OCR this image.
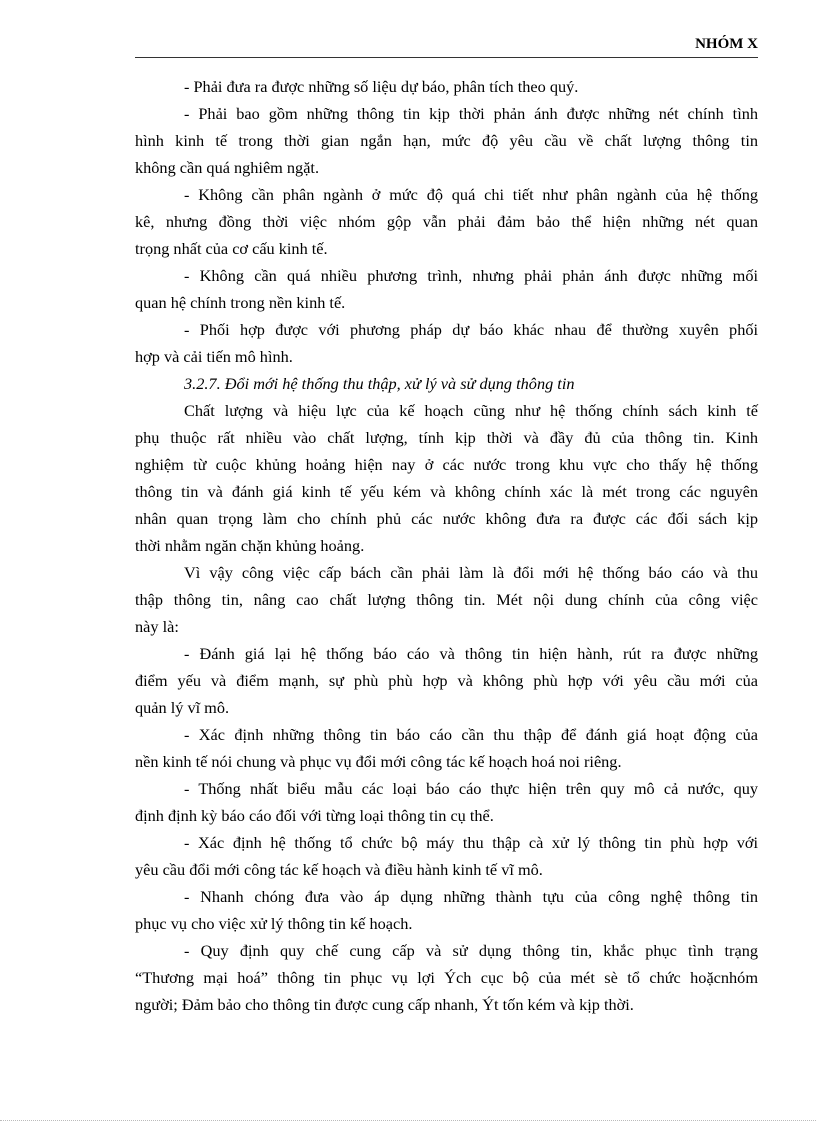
NHÓM X
- Phải đưa ra được những số liệu dự báo, phân tích theo quý.
- Phải bao gồm những thông tin kịp thời phản ánh được những nét chính tình
hình kinh tế trong thời gian ngắn hạn, mức độ yêu cầu về chất lượng thông tin
không cần quá nghiêm ngặt.
- Không cần phân ngành ở mức độ quá chi tiết như phân ngành của hệ thống
kê, nhưng đồng thời việc nhóm gộp vẫn phải đảm bảo thể hiện những nét quan
trọng nhất của cơ cấu kinh tế.
- Không cần quá nhiều phương trình, nhưng phải phản ánh được những mối
quan hệ chính trong nền kinh tế.
- Phối hợp được với phương pháp dự báo khác nhau để thường xuyên phối
hợp và cải tiến mô hình.
3.2.7. Đổi mới hệ thống thu thập, xử lý và sử dụng thông tin
Chất lượng và hiệu lực của kế hoạch cũng như hệ thống chính sách kinh tế
phụ thuộc rất nhiều vào chất lượng, tính kịp thời và đầy đủ của thông tin. Kinh
nghiệm từ cuộc khủng hoảng hiện nay ở các nước trong khu vực cho thấy hệ thống
thông tin và đánh giá kinh tế yếu kém và không chính xác là mét trong các nguyên
nhân quan trọng làm cho chính phủ các nước không đưa ra được các đối sách kịp
thời nhằm ngăn chặn khủng hoảng.
Vì vậy công việc cấp bách cần phải làm là đổi mới hệ thống báo cáo và thu
thập thông tin, nâng cao chất lượng thông tin. Mét nội dung chính của công việc
này là:
- Đánh giá lại hệ thống báo cáo và thông tin hiện hành, rút ra được những
điểm yếu và điểm mạnh, sự phù phù hợp và không phù hợp với yêu cầu mới của
quản lý vĩ mô.
- Xác định những thông tin báo cáo cần thu thập để đánh giá hoạt động của
nền kinh tế nói chung và phục vụ đổi mới công tác kế hoạch hoá noi riêng.
- Thống nhất biểu mẫu các loại báo cáo thực hiện trên quy mô cả nước, quy
định định kỳ báo cáo đối với từng loại thông tin cụ thể.
- Xác định hệ thống tổ chức bộ máy thu thập cà xử lý thông tin phù hợp với
yêu cầu đổi mới công tác kế hoạch và điều hành kinh tế vĩ mô.
- Nhanh chóng đưa vào áp dụng những thành tựu của công nghệ thông tin
phục vụ cho việc xử lý thông tin kế hoạch.
- Quy định quy chế cung cấp và sử dụng thông tin, khắc phục tình trạng
“Thương mại hoá” thông tin phục vụ lợi Ých cục bộ của mét sè tổ chức hoặcnhóm
người; Đảm bảo cho thông tin được cung cấp nhanh, Ýt tốn kém và kịp thời.
